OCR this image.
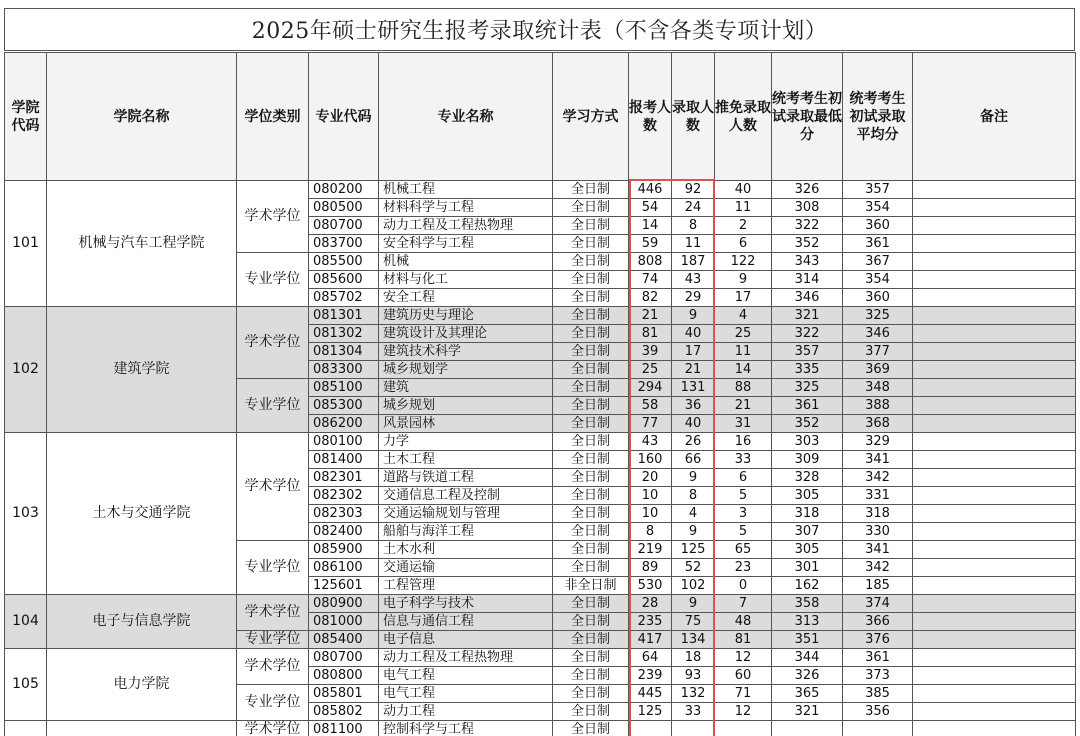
2025年硕士研究生报考录取统计表（不含各类专项计划）
学院代码	学院名称	学位类别	专业代码	专业名称	学习方式	报考人数	录取人数	推免录取人数	统考考生初试录取最低分	统考考生初试录取平均分	备注
101	机械与汽车工程学院	学术学位	080200	机械工程	全日制	446	92	40	326	357	
			080500	材料科学与工程	全日制	54	24	11	308	354	
			080700	动力工程及工程热物理	全日制	14	8	2	322	360	
			083700	安全科学与工程	全日制	59	11	6	352	361	
		专业学位	085500	机械	全日制	808	187	122	343	367	
			085600	材料与化工	全日制	74	43	9	314	354	
			085702	安全工程	全日制	82	29	17	346	360	
102	建筑学院	学术学位	081301	建筑历史与理论	全日制	21	9	4	321	325	
			081302	建筑设计及其理论	全日制	81	40	25	322	346	
			081304	建筑技术科学	全日制	39	17	11	357	377	
			083300	城乡规划学	全日制	25	21	14	335	369	
		专业学位	085100	建筑	全日制	294	131	88	325	348	
			085300	城乡规划	全日制	58	36	21	361	388	
			086200	风景园林	全日制	77	40	31	352	368	
103	土木与交通学院	学术学位	080100	力学	全日制	43	26	16	303	329	
			081400	土木工程	全日制	160	66	33	309	341	
			082301	道路与铁道工程	全日制	20	9	6	328	342	
			082302	交通信息工程及控制	全日制	10	8	5	305	331	
			082303	交通运输规划与管理	全日制	10	4	3	318	318	
			082400	船舶与海洋工程	全日制	8	9	5	307	330	
		专业学位	085900	土木水利	全日制	219	125	65	305	341	
			086100	交通运输	全日制	89	52	23	301	342	
			125601	工程管理	非全日制	530	102	0	162	185	
104	电子与信息学院	学术学位	080900	电子科学与技术	全日制	28	9	7	358	374	
			081000	信息与通信工程	全日制	235	75	48	313	366	
		专业学位	085400	电子信息	全日制	417	134	81	351	376	
105	电力学院	学术学位	080700	动力工程及工程热物理	全日制	64	18	12	344	361	
			080800	电气工程	全日制	239	93	60	326	373	
		专业学位	085801	电气工程	全日制	445	132	71	365	385	
			085802	动力工程	全日制	125	33	12	321	356	
		学术学位	081100	控制科学与工程	全日制						
